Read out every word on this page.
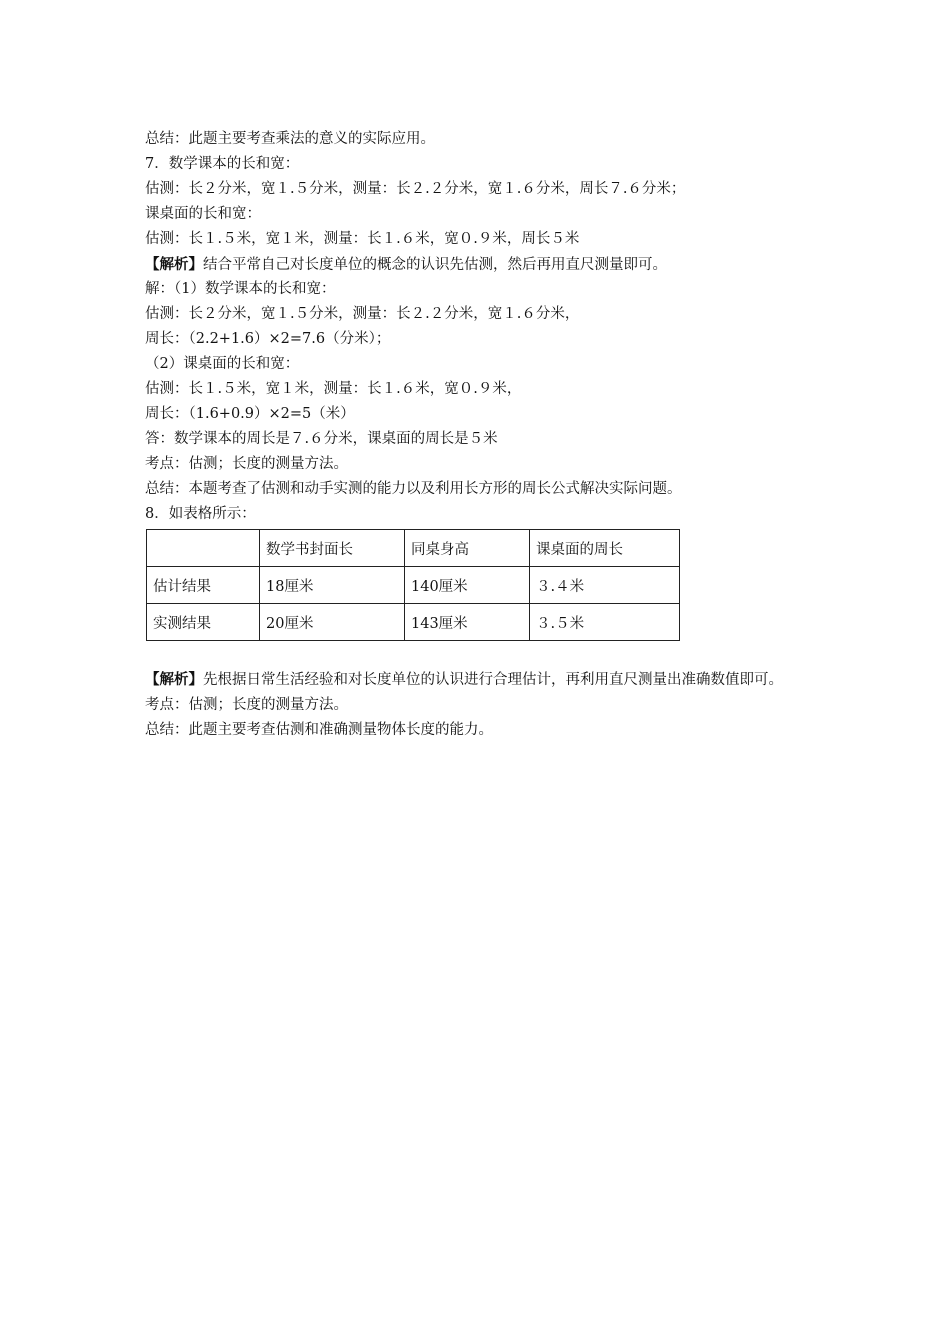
总结：此题主要考查乘法的意义的实际应用。
7．数学课本的长和宽：
估测：长２分米，宽１.５分米，测量：长２.２分米，宽１.６分米，周长７.６分米；
课桌面的长和宽：
估测：长１.５米，宽１米，测量：长１.６米，宽０.９米，周长５米
【解析】结合平常自己对长度单位的概念的认识先估测，然后再用直尺测量即可。
解：（1）数学课本的长和宽：
估测：长２分米，宽１.５分米，测量：长２.２分米，宽１.６分米，
周长：（2.2+1.6）×2=7.6（分米）；
（2）课桌面的长和宽：
估测：长１.５米，宽１米，测量：长１.６米，宽０.９米，
周长：（1.6+0.9）×2=5（米）
答：数学课本的周长是７.６分米，课桌面的周长是５米
考点：估测；长度的测量方法。
总结：本题考查了估测和动手实测的能力以及利用长方形的周长公式解决实际问题。
8．如表格所示：
	数学书封面长	同桌身高	课桌面的周长
估计结果	18厘米	140厘米	３.４米
实测结果	20厘米	143厘米	３.５米
【解析】先根据日常生活经验和对长度单位的认识进行合理估计，再利用直尺测量出准确数值即可。
考点：估测；长度的测量方法。
总结：此题主要考查估测和准确测量物体长度的能力。
